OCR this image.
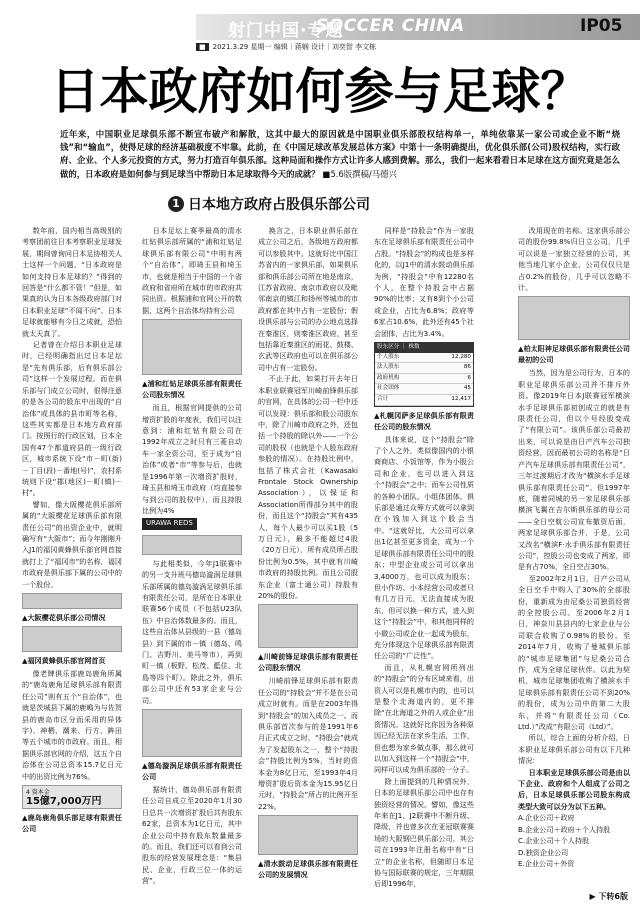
射门中国·专题
SOCCER CHINA	IP05
■ 2021.3.29 星期一 编辑｜蒋娴 设计｜刘奕智 李文栋
日本政府如何参与足球？
近年来，中国职业足球俱乐部不断宣布破产和解散，这其中最大的原因就是中国职业俱乐部股权结构单一，单纯依靠某一家公司或企业不断“烧钱”和“输血”，使得足球的经济基础极度不牢靠。此前，在《中国足球改革发展总体方案》中第十一条明确提出，优化俱乐部(公司)股权结构，实行政府、企业、个人多元投资的方式，努力打造百年俱乐部。这种局面和操作方式让许多人感到费解。那么，我们一起来看看日本足球在这方面究竟是怎么做的，日本政府是如何参与到足球当中帮助日本足球取得今天的成就？ ■5.6版撰稿/马德兴
1 日本地方政府占股俱乐部公司

数年前，国内相当高级别的考察团前往日本考察职业足球发展，期间曾询问日本足协相关人士这样一个问题，“日本政府是如何支持日本足球的？”得到的回答是“什么都不管！”但是，如果真的认为日本各级政府部门对日本职业足球“不闻不问”、日本足球就能够有今日之成就，恐怕就太天真了。

记者曾在介绍日本职业足球时，已经明确指出过日本足坛是“先有俱乐部，后有俱乐部公司”这样一个发展过程。而在俱乐部与门成立公司时，很得注意的是各公司的股东中出现的“自治体”或具体的县市町等名称，这些其实都是日本地方政府部门。按照行的行政区划，日本全国有47个都道府县的一级行政区，城市系统下设“市－町(街)－丁目(段)－番地(号)”，农村系统则下设“郡(地区)－町(镇)－村”。

譬如，像大阪樱花俱乐部所属的“大阪樱花足球俱乐部有限责任公司”的出资企业中，就明确写有“大阪市”；而今年刚刚升入J1的福冈黄蜂俱乐部官网首接就打上了“福冈市”的名称，福冈市政府是俱乐部下属的公司中的一个股份。

▲大阪樱花俱乐部公司情况
▲福冈黄蜂俱乐部官网首页

像老牌俱乐部鹿岛鹿角所属的“鹿岛鹿角足球俱乐部有限责任公司”则有五个“自治体”，也就是茨城县下属的鹿嶋为与佐贺县的鹿岛市区分而采用的异体字)、神栖、潮来、行方、鉾田等五个城市的市政府。而且，相据俱乐部官网的介绍，这五个自治体在公司总资本15.7亿日元中的出资比例为76%。

4 資本金
15億7,000万円
▲鹿岛鹿角俱乐部足球有限责任公司

日本足坛上赛季最高的清水红钻俱乐部所属的“浦和红钻足球俱乐部有限公司”中明有两个“自治体”，即琦玉县和埼玉市，也就是相当于中国的一个省政府和省府所在城市的市政府共同出资。根据浦和官网公开的数据，这两个自治体均持有公司

▲浦和红钻足球俱乐部有限责任公司股东情况

而且，根据官网提供的公司增资扩股的年度表，我们可以注意到：浦和红钻有限公司在1992年成立之时只有三菱自动车一家全资公司，至于成为“自治体”或者“市”等参与后，也就是1996年第一次增资扩股时，琦玉县和埼玉市政府（均直接参与到公司的股权中），而且持股比例为4%

URAWA REDS

与此相类似，今年J1联赛中的另一支升班马德岛漩涡足球俱乐部所属的德岛漩涡足球俱乐部有限责任公司，是所在日本职业联赛56个成员（不包括U23队伍）中自治体数最多的。而且，这些自治体从县级的一县（德岛县）到下属的市－镇（德岛、鸣门、吉野川、美马等市），再到町－镇（板野、松茂、藍住、北島等四个町）。除此之外，俱乐部公司中还有53家企业与公司。

▲德岛漩涡足球俱乐部有限责任公司

据统计，德岛俱乐部有限责任公司自成立至2020年1月30日总共一次增资扩股后共有股东62家，总资本为1亿日元，其中企业公司中持有股东数量最多的。而且，我们还可以看到公司股东的经营发展理念是：“集县民、企业，行政三位一体的运营”。

换言之，日本职业俱乐部在成立公司之后，各级地方政府都可以参股其中。这就好比中国江苏省内的一家俱乐部，如果俱乐部和俱乐部公司所在地是南京，江苏省政府、南京市政府以及毗邻南京的镇江和扬州等城市的市政府都在其中占有一定股份；假设俱乐部与公司的办公地点选择在秦淮区，则秦淮区政府，甚至包括靠近秦淮区的雨花、鼓楼、玄武等区政府也可以在俱乐部公司中占有一定股份。

不止于此，如果打开去年日本职业联赛冠军川崎前锋俱乐部的官网，在具体的公司一栏中还可以发现：俱乐部和股公司股东中，除了川崎市政府之外，还包括一个持股的除以外——一个公司的股权（也就是个人股东政府参股的情况）。在持股比例中，包括了株式会社（Kawasaki Frontale Stock Ownership Association），以保证和Association所得部分其中的股份，而且这个“持股会”其有435人，每个人最少可以买1股（5万日元），最多不能超过4股（20万日元），所有成员所占股份比例为0.5%，其中就有川崎市政府的持股比例。而且公司股东企业（富士通公司）持股有20%的股份。

▲川崎前锋足球俱乐部有限责任公司股东情况

川崎前锋足球俱乐部有限责任公司的“持股会”并不是在公司成立时就有。而是在2003年得到“持股会”的加入成员之一。而俱乐部首次参与的是1991年6月正式成立之时，“持股会”就成为了发起股东之一，整个“持股会”持股比例为5%，当时的资本金为8亿日元，至1993年4月增资扩股后资本金为15.95亿日元时，“持股会”所占的比例开至22%。

▲清水鼓动足球俱乐部有限责任公司的发展情况

同样是“持股会”作为一家股东在足球俱乐部有限责任公司中占股。“持股会”的构成也是多样化的，以J1中的清水鼓动俱乐部为例，“持股会”中有12280名个人，在整个持股会中占据90%的比率；又有8到个小公司或企业，占比为6.8%；政府等6家占10.6%，此外还有45个社会团体，占比为3.4%。

股东区分 ｜ 株数
个人股东	12,280
法人股东	86
政府机构	6
社会团体	45
合计	12,417
▲札幌冈萨多足球俱乐部有限责任公司的股东情况

具体来说，这个“持股会”除了个人之外，类似像国内的小银商商店、小饭馆等，作为小股公司和企业，也可以进入到这个“持股会”之中；而车公司性质的各种小团队、小组体团体。俱乐部是通过众筹方式就可以拿到在小钱加入到这个股会当中。“这就好比，大公司可以拿出1亿甚至更多资金，成为一个足球俱乐部有限责任公司中的股东；中型企业或公司可以拿出3,4000万，也可以成为股东；但小作坊、小本经营公司或者只有几万日元，无法直接成为股东，但可以换一种方式，进入到这个“持股会”中，和其他同样的小微公司或企业一起成为股东，充分体现这个足球俱乐部有限责任公司的“广泛性”。

而且，从札幌官网所列出的“持股会”的分布区域来看，出资人可以是札幌市内的，也可以是整个北海道内的，更不排除“在北海道之外的人或企业”出资情况。这就好比你因为各种原因已经无法在家乡生活，工作，但也想为家乡做点事，那么就可以加入到这样一个“持股会”中，同样可以成为俱乐部的一分子。

除上面提到的几种情况外，日本的足球俱乐部公司中也存有独资经营的情况。譬如，像这些年来在J1、J2联赛中不断升级、降级，并也曾多次在亚冠联赛赛场的大阪钢巴俱乐部公司，其公司在1993年注册名称中有“日立”的企业名称，但随即日本足协与国际联赛的规定，三年期限后即1996年，

改用现在的名称。这家俱乐部公司的股份99.8%归日立公司，几乎可以说是一家独立经营的公司，其他当地几家小企业、公司仅仅只是占0.2%的股份，几乎可以忽略不计。

▲柏太阳神足球俱乐部有限责任公司最初的公司

当然，因为是公司行为，日本的职业足球俱乐部公司并不排斥外资。像2019年日本J联赛冠军横滨水手足球俱乐部初创成立的就是有限责任公司，但以个号经股变成了“有限公司”。该俱乐部公司最初出来，可以说是由日产汽车公司独资经营，因而最初公司的名称是“日产汽车足球俱乐部有限责任公司”，三年过渡期后才改为“横滨水手足球俱乐部有限责任公司”。但1997年底，随着同城的另一家足球俱乐部横滨飞翼在吉尔斯俱乐部的母公司——全日空航公司宣布撤资后面，两家足球俱乐部合并，于是，公司又改名“横滨F·水手俱乐部有限责任公司”，控股公司也变成了两家，即是有占70%，全日空占30%。

至2002年2月1日，日产公司从全日空手中购入了30%的全部股份，重新成为由尼桑公司独资经营的全控股公司。至2006年2月1日，神奈川县县内的七家企业与公司联合收购了0.98%的股份。至2014年7月，收购了曼城俱乐部的“城市足球集团”与尼桑公司合作，成为全球足球伙伴。以此为契机，城市足球集团收购了横滨水手足球俱乐部有限责任公司不到20%的股份，成为公司中的第二大股东，并将“有限责任公司（Co. Ltd.）”改成“有限公司（Ltd）”。

所以，综合上面的分析介绍，日本职业足球俱乐部公司有以下几种情况：

日本职业足球俱乐部公司是由以下企业、政府和个人组成了公司之后，日本足球俱乐部公司股东构成类型大致可以分为以下五种。

A.企业公司＋政府
B.企业公司＋政府＋个人持股
C.企业公司＋个人持股
D.独资企业公司
E.企业公司＋外资
▶ 下转6版
